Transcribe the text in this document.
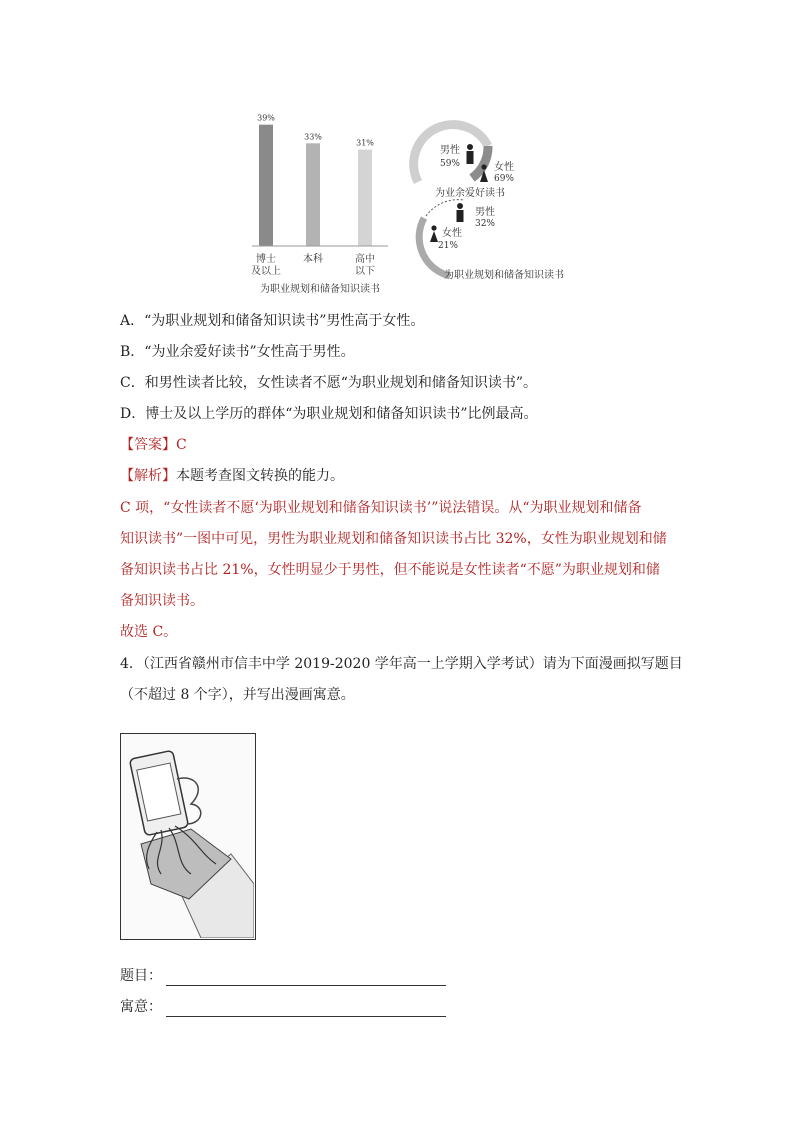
39%
博士
及以上
33%
本科
31%
高中
以下
为职业规划和储备知识读书
男性
59%	女性
69%
为业余爱好读书
男性
32%
女性
21%
为职业规划和储备知识读书
A．“为职业规划和储备知识读书”男性高于女性。
B．“为业余爱好读书”女性高于男性。
C．和男性读者比较，女性读者不愿“为职业规划和储备知识读书”。
D．博士及以上学历的群体“为职业规划和储备知识读书”比例最高。
【答案】C
【解析】本题考查图文转换的能力。
C 项，“女性读者不愿‘为职业规划和储备知识读书’”说法错误。从“为职业规划和储备
知识读书”一图中可见，男性为职业规划和储备知识读书占比 32%，女性为职业规划和储
备知识读书占比 21%，女性明显少于男性，但不能说是女性读者“不愿”为职业规划和储
备知识读书。
故选 C。
4．（江西省赣州市信丰中学 2019-2020 学年高一上学期入学考试）请为下面漫画拟写题目
（不超过 8 个字），并写出漫画寓意。
题目：
寓意：
